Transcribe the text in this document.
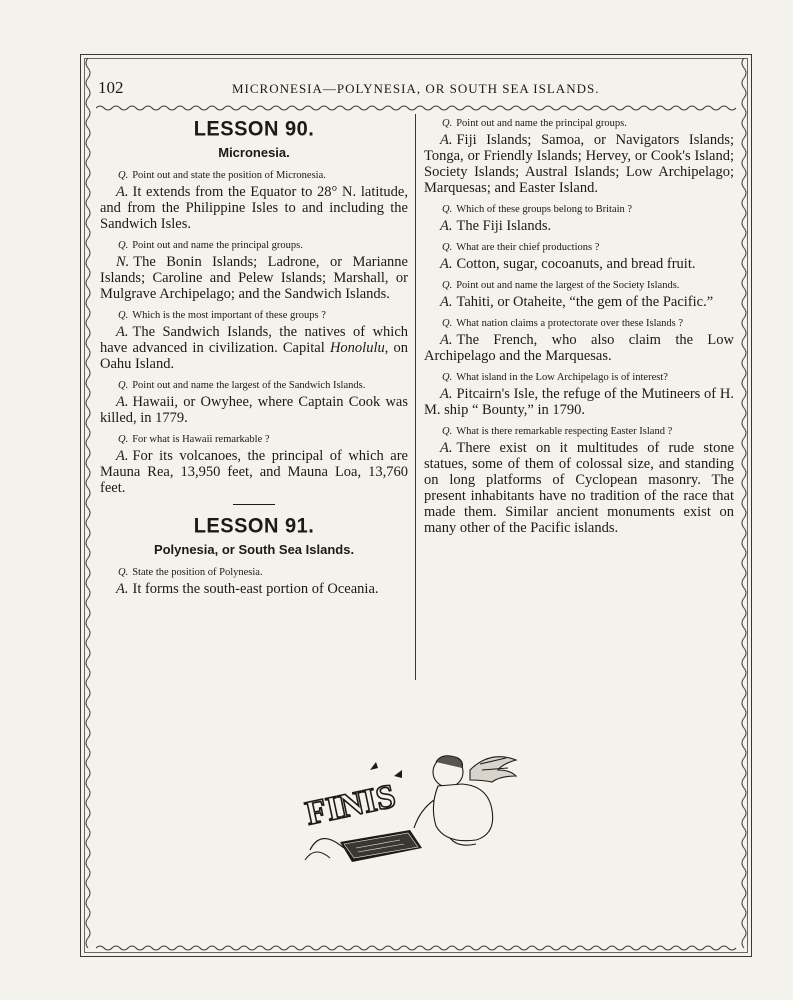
102	MICRONESIA—POLYNESIA, OR SOUTH SEA ISLANDS.
LESSON 90.
Micronesia.

Q. Point out and state the position of Micronesia.

A. It extends from the Equator to 28° N. latitude, and from the Philippine Isles to and including the Sandwich Isles.

Q. Point out and name the principal groups.

N. The Bonin Islands; Ladrone, or Marianne Islands; Caroline and Pelew Islands; Marshall, or Mulgrave Archipelago; and the Sandwich Islands.

Q. Which is the most important of these groups ?

A. The Sandwich Islands, the natives of which have advanced in civilization. Capital Honolulu, on Oahu Island.

Q. Point out and name the largest of the Sandwich Islands.

A. Hawaii, or Owyhee, where Captain Cook was killed, in 1779.

Q. For what is Hawaii remarkable ?

A. For its volcanoes, the principal of which are Mauna Rea, 13,950 feet, and Mauna Loa, 13,760 feet.

LESSON 91.
Polynesia, or South Sea Islands.

Q. State the position of Polynesia.

A. It forms the south-east portion of Oceania.

Q. Point out and name the principal groups.

A. Fiji Islands; Samoa, or Navigators Islands; Tonga, or Friendly Islands; Hervey, or Cook's Island; Society Islands; Austral Islands; Low Archipelago; Marquesas; and Easter Island.

Q. Which of these groups belong to Britain ?

A. The Fiji Islands.

Q. What are their chief productions ?

A. Cotton, sugar, cocoanuts, and bread fruit.

Q. Point out and name the largest of the Society Islands.

A. Tahiti, or Otaheite, “the gem of the Pacific.”

Q. What nation claims a protectorate over these Islands ?

A. The French, who also claim the Low Archipelago and the Marquesas.

Q. What island in the Low Archipelago is of interest?

A. Pitcairn's Isle, the refuge of the Mutineers of H. M. ship “ Bounty,” in 1790.

Q. What is there remarkable respecting Easter Island ?

A. There exist on it multitudes of rude stone statues, some of them of colossal size, and standing on long platforms of Cyclopean masonry. The present inhabitants have no tradition of the race that made them. Similar ancient monuments exist on many other of the Pacific islands.

FINIS
